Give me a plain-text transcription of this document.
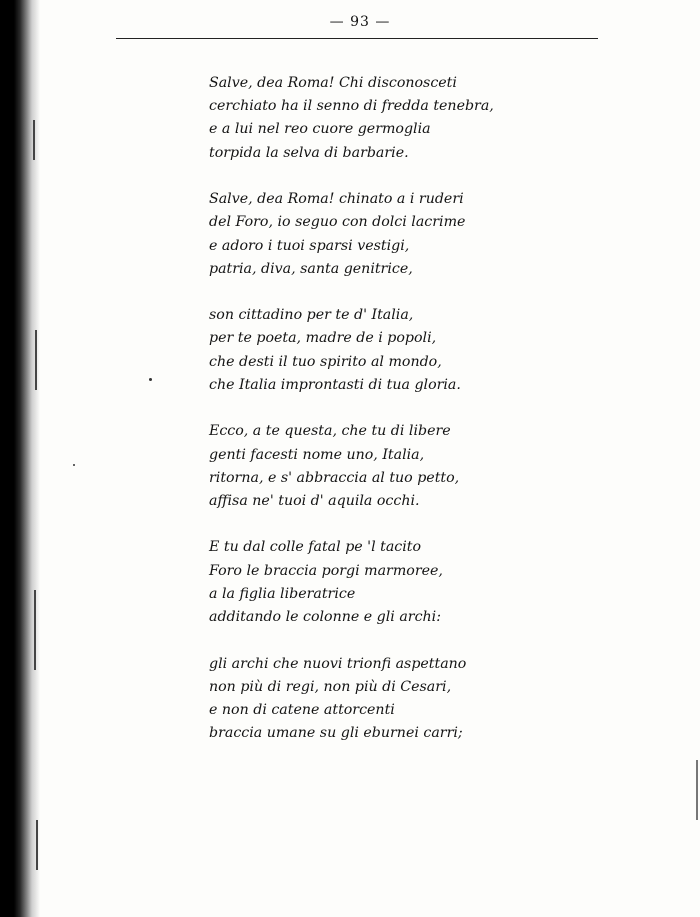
— 93 —
Salve, dea Roma! Chi disconosceti
cerchiato ha il senno di fredda tenebra,
e a lui nel reo cuore germoglia
torpida la selva di barbarie.
Salve, dea Roma! chinato a i ruderi
del Foro, io seguo con dolci lacrime
e adoro i tuoi sparsi vestigi,
patria, diva, santa genitrice,
son cittadino per te d' Italia,
per te poeta, madre de i popoli,
che desti il tuo spirito al mondo,
che Italia improntasti di tua gloria.
Ecco, a te questa, che tu di libere
genti facesti nome uno, Italia,
ritorna, e s' abbraccia al tuo petto,
affisa ne' tuoi d' aquila occhi.
E tu dal colle fatal pe 'l tacito
Foro le braccia porgi marmoree,
a la figlia liberatrice
additando le colonne e gli archi:
gli archi che nuovi trionfi aspettano
non più di regi, non più di Cesari,
e non di catene attorcenti
braccia umane su gli eburnei carri;
